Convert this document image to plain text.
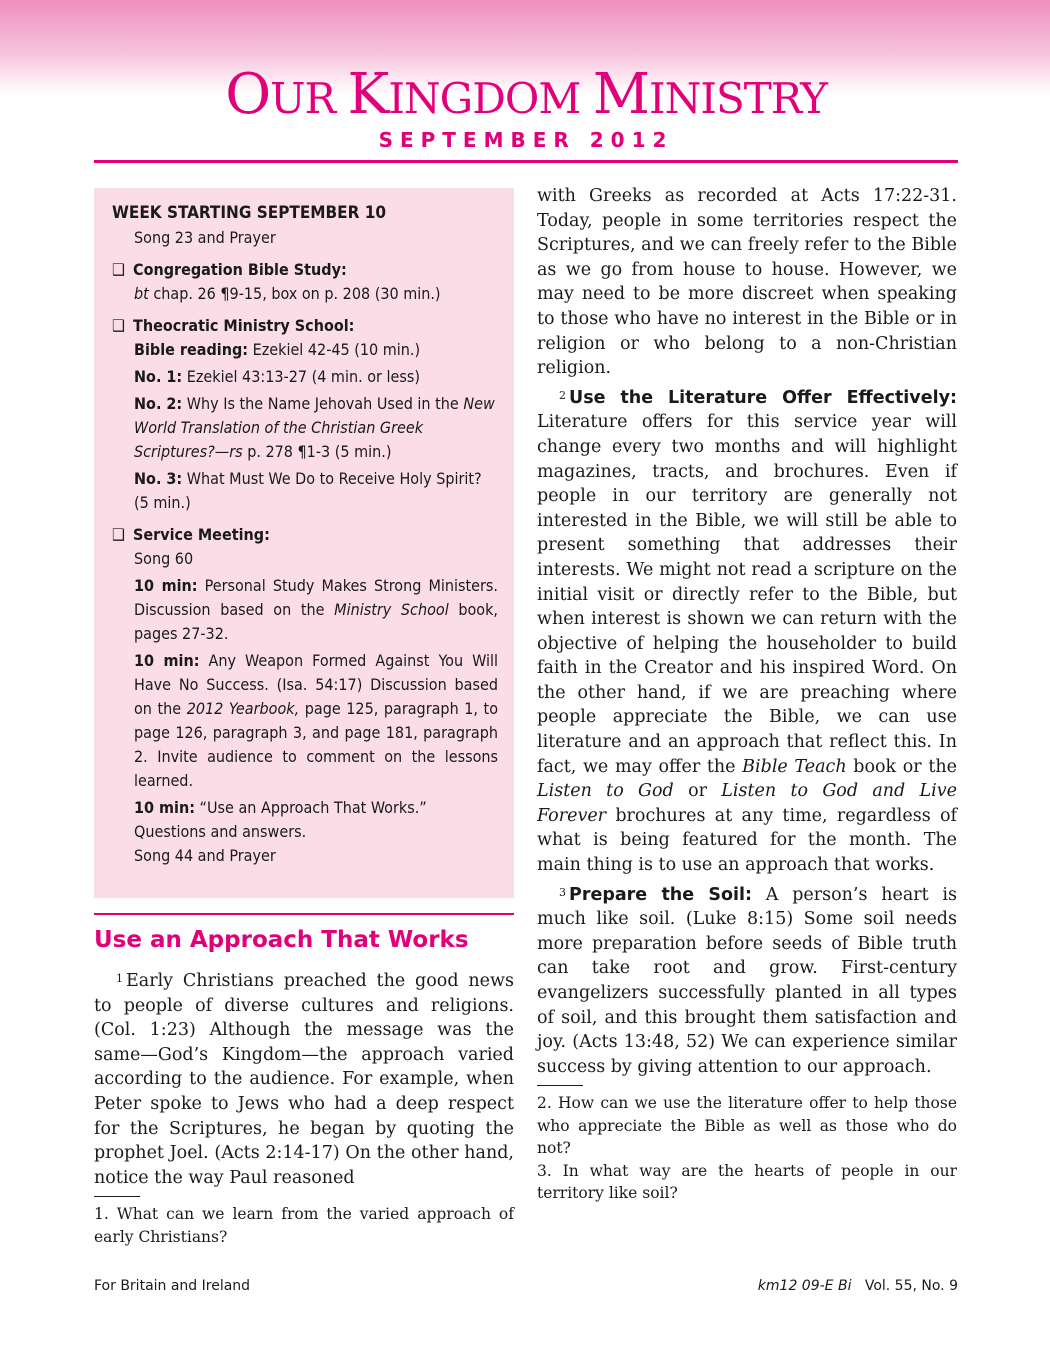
OUR KINGDOM MINISTRY
SEPTEMBER 2012
WEEK STARTING SEPTEMBER 10
Song 23 and Prayer
❑ Congregation Bible Study:
bt chap. 26 ¶9-15, box on p. 208 (30 min.)
❑ Theocratic Ministry School:
Bible reading: Ezekiel 42-45 (10 min.)
No. 1: Ezekiel 43:13-27 (4 min. or less)
No. 2: Why Is the Name Jehovah Used in the New World Translation of the Christian Greek Scriptures?—rs p. 278 ¶1-3 (5 min.)
No. 3: What Must We Do to Receive Holy Spirit? (5 min.)
❑ Service Meeting:
Song 60
10 min: Personal Study Makes Strong Ministers. Discussion based on the Ministry School book, pages 27-32.
10 min: Any Weapon Formed Against You Will Have No Success. (Isa. 54:17) Discussion based on the 2012 Yearbook, page 125, paragraph 1, to page 126, paragraph 3, and page 181, paragraph 2. Invite audience to comment on the lessons learned.
10 min: “Use an Approach That Works.” Questions and answers.
Song 44 and Prayer
Use an Approach That Works

$^1$ Early Christians preached the good news to people of diverse cultures and religions. (Col. 1:23) Although the message was the same—God’s Kingdom—the approach varied according to the audience. For example, when Peter spoke to Jews who had a deep respect for the Scriptures, he began by quoting the prophet Joel. (Acts 2:14-17) On the other hand, notice the way Paul reasoned

1. What can we learn from the varied approach of early Christians?

with Greeks as recorded at Acts 17:22-31. Today, people in some territories respect the Scriptures, and we can freely refer to the Bible as we go from house to house. However, we may need to be more discreet when speaking to those who have no interest in the Bible or in religion or who belong to a non-Christian religion.

$^2$ Use the Literature Offer Effectively: Literature offers for this service year will change every two months and will highlight magazines, tracts, and brochures. Even if people in our territory are generally not interested in the Bible, we will still be able to present something that addresses their interests. We might not read a scripture on the initial visit or directly refer to the Bible, but when interest is shown we can return with the objective of helping the householder to build faith in the Creator and his inspired Word. On the other hand, if we are preaching where people appreciate the Bible, we can use literature and an approach that reflect this. In fact, we may offer the Bible Teach book or the Listen to God or Listen to God and Live Forever brochures at any time, regardless of what is being featured for the month. The main thing is to use an approach that works.

$^3$ Prepare the Soil: A person’s heart is much like soil. (Luke 8:15) Some soil needs more preparation before seeds of Bible truth can take root and grow. First-century evangelizers successfully planted in all types of soil, and this brought them satisfaction and joy. (Acts 13:48, 52) We can experience similar success by giving attention to our approach.

2. How can we use the literature offer to help those who appreciate the Bible as well as those who do not?
3. In what way are the hearts of people in our territory like soil?
For Britain and Ireland	km12 09-E Bi Vol. 55, No. 9
